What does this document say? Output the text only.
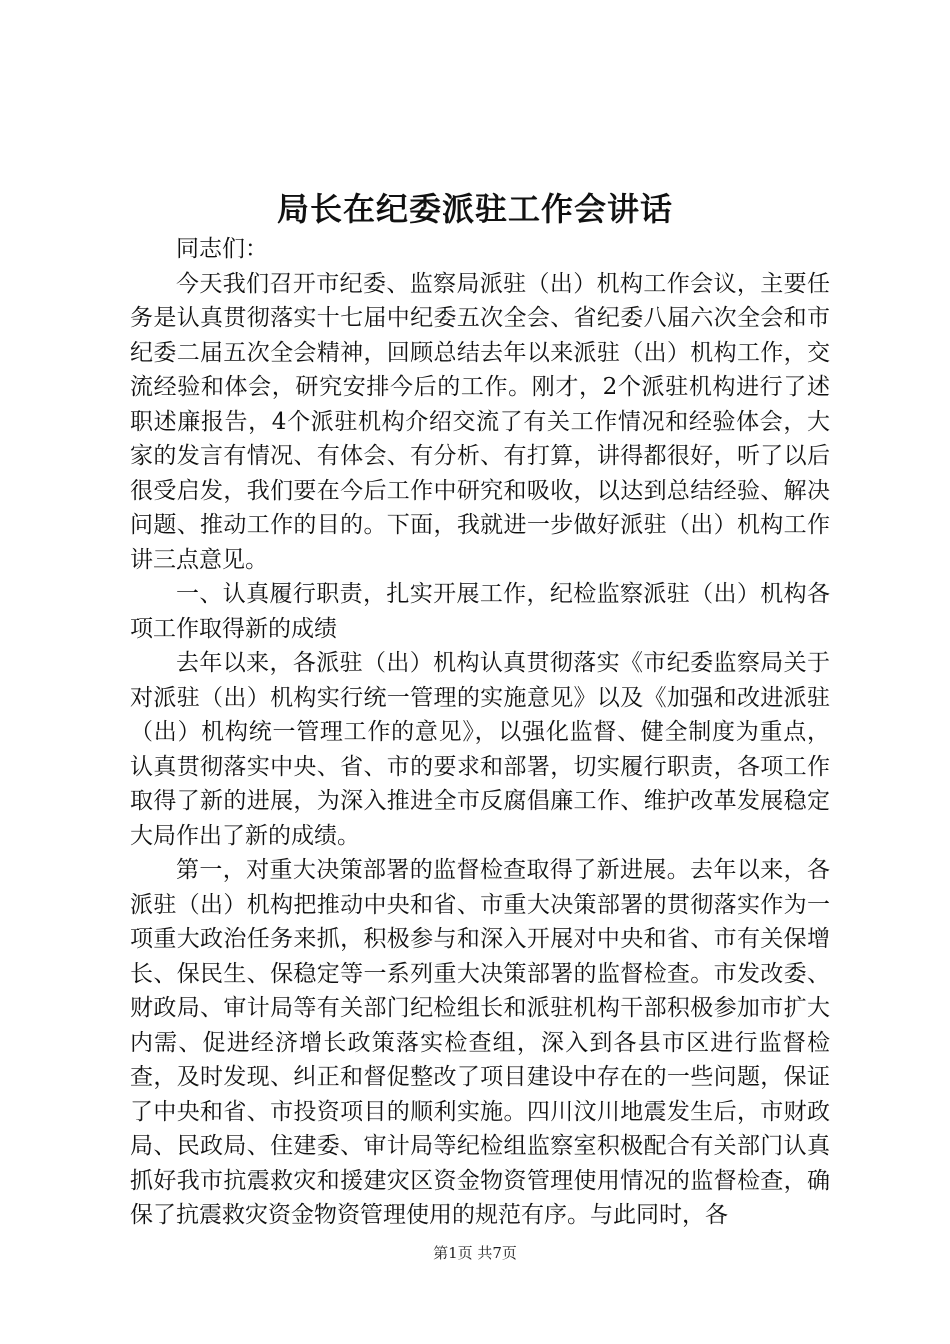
局长在纪委派驻工作会讲话

同志们：

今天我们召开市纪委、监察局派驻（出）机构工作会议，主要任务是认真贯彻落实十七届中纪委五次全会、省纪委八届六次全会和市纪委二届五次全会精神，回顾总结去年以来派驻（出）机构工作，交流经验和体会，研究安排今后的工作。刚才，2个派驻机构进行了述职述廉报告，4个派驻机构介绍交流了有关工作情况和经验体会，大家的发言有情况、有体会、有分析、有打算，讲得都很好，听了以后很受启发，我们要在今后工作中研究和吸收，以达到总结经验、解决问题、推动工作的目的。下面，我就进一步做好派驻（出）机构工作讲三点意见。

一、认真履行职责，扎实开展工作，纪检监察派驻（出）机构各项工作取得新的成绩

去年以来，各派驻（出）机构认真贯彻落实《市纪委监察局关于对派驻（出）机构实行统一管理的实施意见》以及《加强和改进派驻（出）机构统一管理工作的意见》，以强化监督、健全制度为重点，认真贯彻落实中央、省、市的要求和部署，切实履行职责，各项工作取得了新的进展，为深入推进全市反腐倡廉工作、维护改革发展稳定大局作出了新的成绩。

第一，对重大决策部署的监督检查取得了新进展。去年以来，各派驻（出）机构把推动中央和省、市重大决策部署的贯彻落实作为一项重大政治任务来抓，积极参与和深入开展对中央和省、市有关保增长、保民生、保稳定等一系列重大决策部署的监督检查。市发改委、财政局、审计局等有关部门纪检组长和派驻机构干部积极参加市扩大内需、促进经济增长政策落实检查组，深入到各县市区进行监督检查，及时发现、纠正和督促整改了项目建设中存在的一些问题，保证了中央和省、市投资项目的顺利实施。四川汶川地震发生后，市财政局、民政局、住建委、审计局等纪检组监察室积极配合有关部门认真抓好我市抗震救灾和援建灾区资金物资管理使用情况的监督检查，确保了抗震救灾资金物资管理使用的规范有序。与此同时，各

第1页 共7页
